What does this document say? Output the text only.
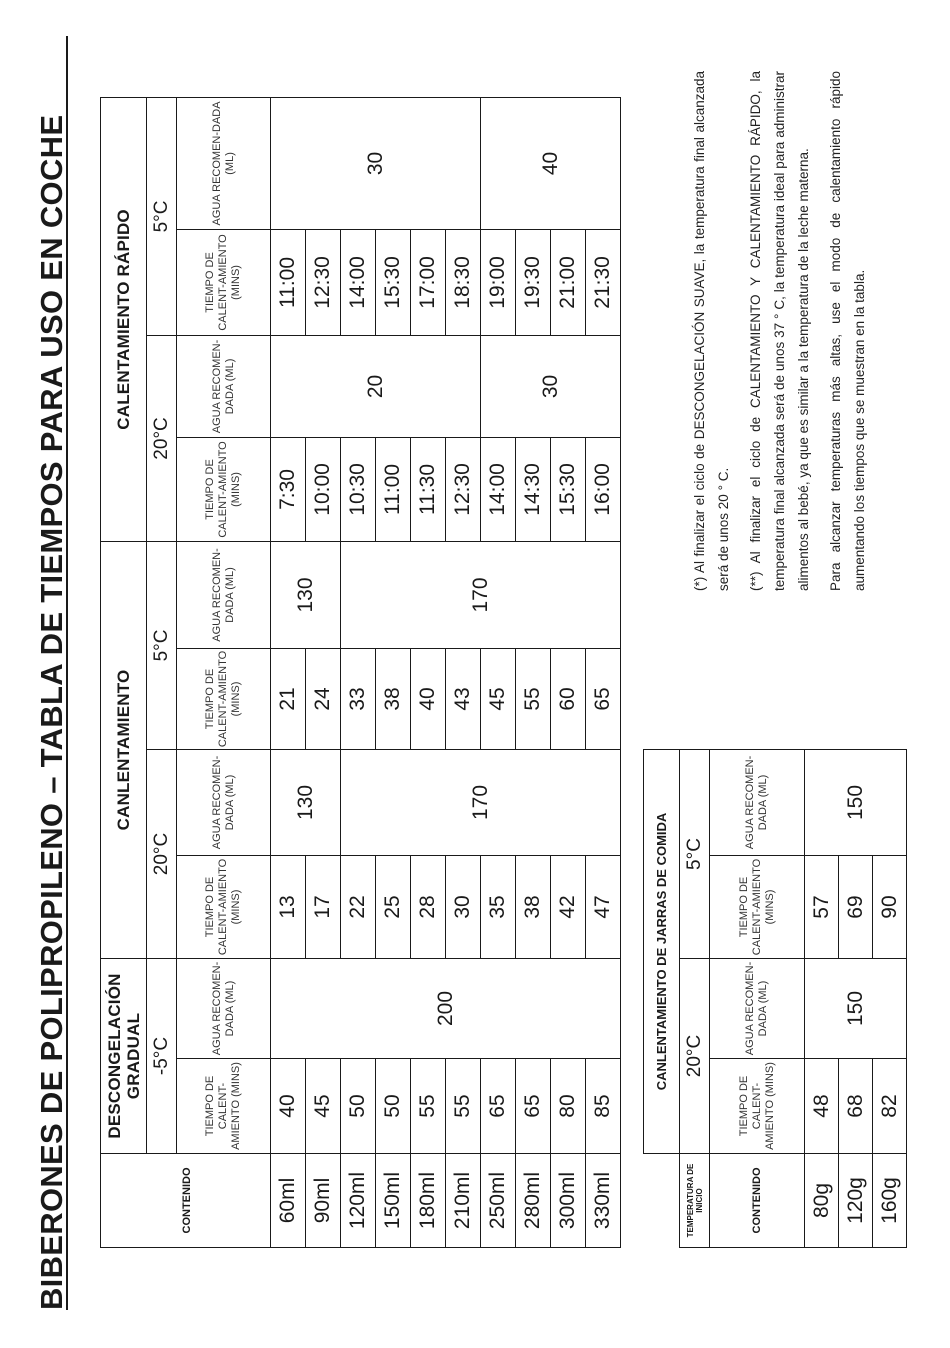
BIBERONES DE POLIPROPILENO – TABLA DE TIEMPOS PARA USO EN COCHE	CONTENIDO	DESCONGELACIÓN GRADUAL		CANLENTAMIENTO				CALENTAMIENTO RÁPIDO			
	-5°C		20°C		5°C		20°C		5°C	
	TIEMPO DE CALENT-AMIENTO (MINS)	AGUA RECOMEN-DADA (ML)	TIEMPO DE CALENT-AMIENTO (MINS)	AGUA RECOMEN-DADA (ML)	TIEMPO DE CALENT-AMIENTO (MINS)	AGUA RECOMEN-DADA (ML)	TIEMPO DE CALENT-AMIENTO (MINS)	AGUA RECOMEN-DADA (ML)	TIEMPO DE CALENT-AMIENTO (MINS)	AGUA RECOMEN-DADA (ML)
60ml	40	200	13	130	21	130	7:30	20	11:00	30
90ml	45		17		24		10:00		12:30	
120ml	50		22	170	33	170	10:30		14:00	
150ml	50		25		38		11:00		15:30	
180ml	55		28		40		11:30		17:00	
210ml	55		30		43		12:30		18:30	
250ml	65		35		45		14:00	30	19:00	40
280ml	65		38		55		14:30		19:30	
300ml	80		42		60		15:30		21:00	
330ml	85		47		65		16:00		21:30	
	CANLENTAMIENTO DE JARRAS DE COMIDA				
TEMPERATURA DE INICIO	20°C		5°C		
CONTENIDO	TIEMPO DE CALENT-AMIENTO (MINS)	AGUA RECOMEN-DADA (ML)	TIEMPO DE CALENT-AMIENTO (MINS)	AGUA RECOMEN-DADA (ML)	
80g	48	150	57	150	
120g	68		69		
160g	82		90		

(*) Al finalizar el ciclo de DESCONGELACIÓN SUAVE, la temperatura final alcanzada será de unos 20 ° C.	(**) Al finalizar el ciclo de CALENTAMIENTO Y CALENTAMIENTO RÁPIDO, la temperatura final alcanzada será de unos 37 ° C, la temperatura ideal para administrar alimentos al bebé, ya que es similar a la temperatura de la leche materna.	Para alcanzar temperaturas más altas, use el modo de calentamiento rápido aumentando los tiempos que se muestran en la tabla.
